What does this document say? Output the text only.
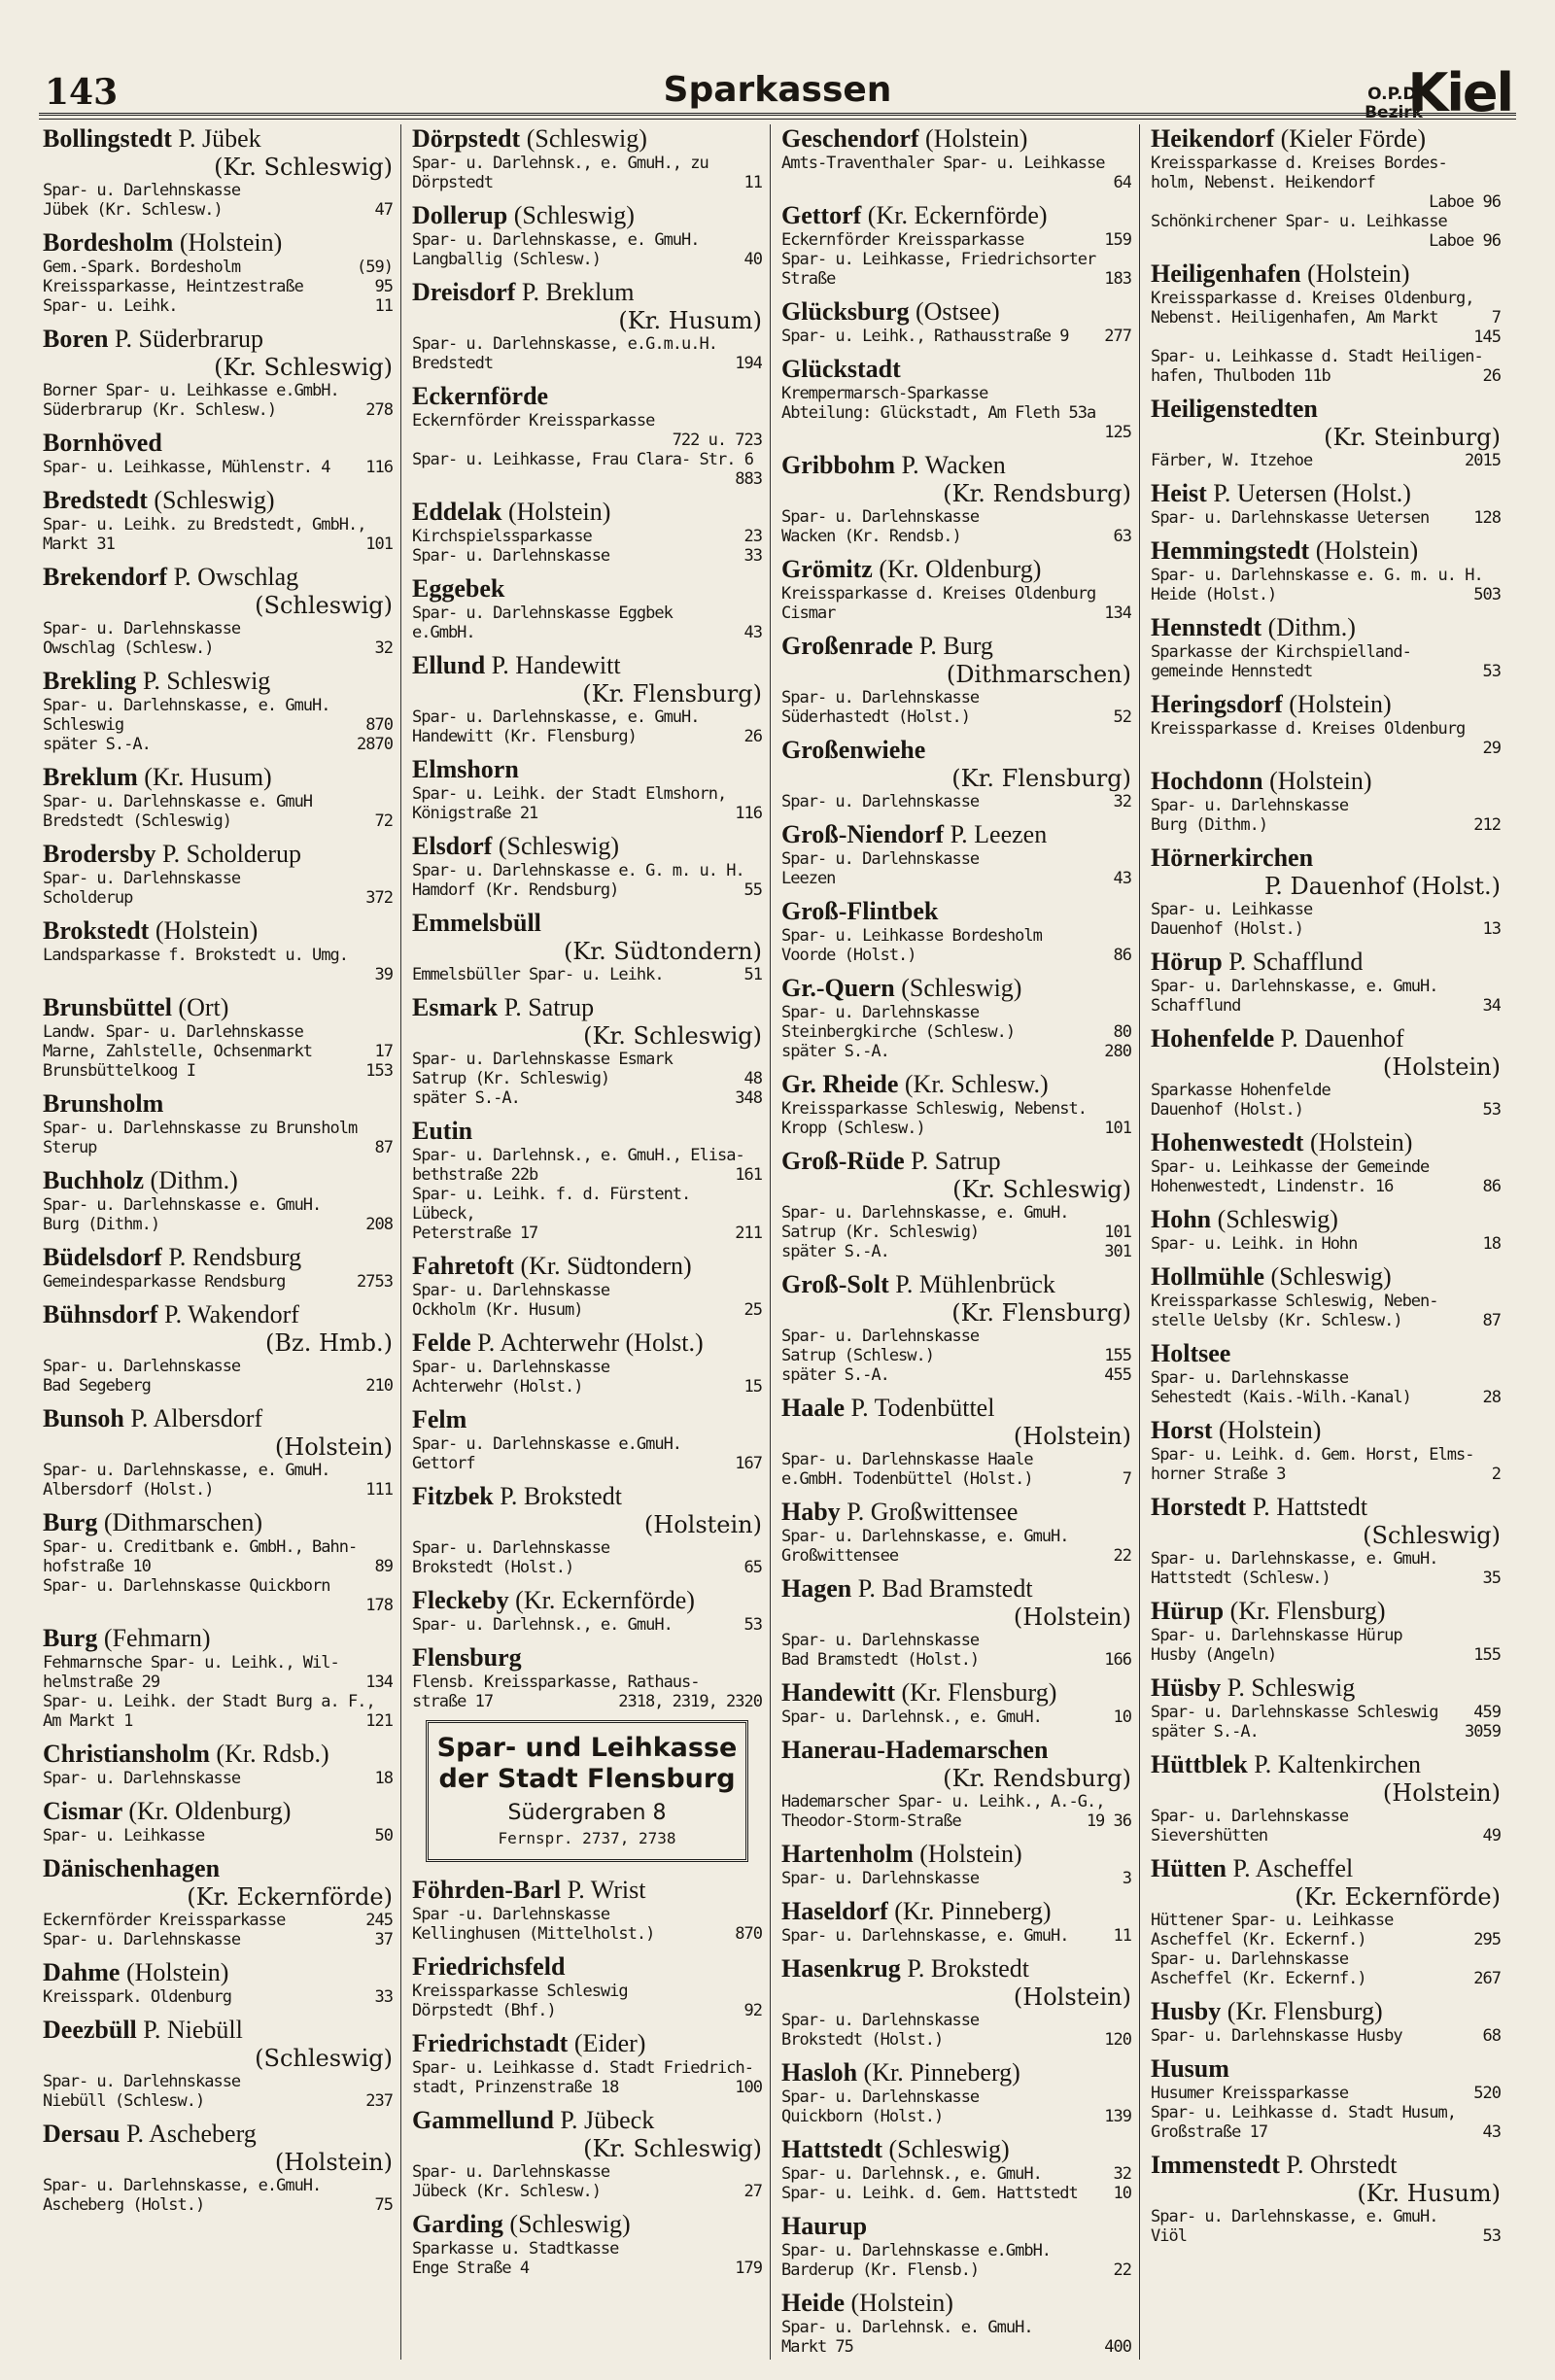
143	Sparkassen	O.P.D.
Bezirk
Kiel
Bollingstedt P. Jübek
(Kr. Schleswig)
Spar- u. Darlehnskasse
Jübek (Kr. Schlesw.)	47
Bordesholm (Holstein)
Gem.-Spark. Bordesholm	(59)
Kreissparkasse, Heintzestraße	95
Spar- u. Leihk.	11
Boren P. Süderbrarup
(Kr. Schleswig)
Borner Spar- u. Leihkasse e.GmbH.
Süderbrarup (Kr. Schlesw.)	278
Bornhöved
Spar- u. Leihkasse, Mühlenstr. 4 116
Bredstedt (Schleswig)
Spar- u. Leihk. zu Bredstedt, GmbH.,
Markt 31	101
Brekendorf P. Owschlag
(Schleswig)
Spar- u. Darlehnskasse
Owschlag (Schlesw.)	32
Brekling P. Schleswig
Spar- u. Darlehnskasse, e. GmuH.
Schleswig	870
später S.-A.	2870
Breklum (Kr. Husum)
Spar- u. Darlehnskasse e. GmuH
Bredstedt (Schleswig)	72
Brodersby P. Scholderup
Spar- u. Darlehnskasse
Scholderup	372
Brokstedt (Holstein)
Landsparkasse f. Brokstedt u. Umg.
39
Brunsbüttel (Ort)
Landw. Spar- u. Darlehnskasse
Marne, Zahlstelle, Ochsenmarkt	17
Brunsbüttelkoog I	153
Brunsholm
Spar- u. Darlehnskasse zu Brunsholm
Sterup	87
Buchholz (Dithm.)
Spar- u. Darlehnskasse e. GmuH.
Burg (Dithm.)	208
Büdelsdorf P. Rendsburg
Gemeindesparkasse Rendsburg	2753
Bühnsdorf P. Wakendorf
(Bz. Hmb.)
Spar- u. Darlehnskasse
Bad Segeberg	210
Bunsoh P. Albersdorf
(Holstein)
Spar- u. Darlehnskasse, e. GmuH.
Albersdorf (Holst.)	111
Burg (Dithmarschen)
Spar- u. Creditbank e. GmbH., Bahn-
hofstraße 10	89
Spar- u. Darlehnskasse Quickborn
178
Burg (Fehmarn)
Fehmarnsche Spar- u. Leihk., Wil-
helmstraße 29	134
Spar- u. Leihk. der Stadt Burg a. F.,
Am Markt 1	121
Christiansholm (Kr. Rdsb.)
Spar- u. Darlehnskasse	18
Cismar (Kr. Oldenburg)
Spar- u. Leihkasse	50
Dänischenhagen
(Kr. Eckernförde)
Eckernförder Kreissparkasse	245
Spar- u. Darlehnskasse	37
Dahme (Holstein)
Kreisspark. Oldenburg	33
Deezbüll P. Niebüll
(Schleswig)
Spar- u. Darlehnskasse
Niebüll (Schlesw.)	237
Dersau P. Ascheberg
(Holstein)
Spar- u. Darlehnskasse, e.GmuH.
Ascheberg (Holst.)	75
Dörpstedt (Schleswig)
Spar- u. Darlehnsk., e. GmuH., zu
Dörpstedt	11
Dollerup (Schleswig)
Spar- u. Darlehnskasse, e. GmuH.
Langballig (Schlesw.)	40
Dreisdorf P. Breklum
(Kr. Husum)
Spar- u. Darlehnskasse, e.G.m.u.H.
Bredstedt	194
Eckernförde
Eckernförder Kreissparkasse
722 u. 723
Spar- u. Leihkasse, Frau Clara- Str. 6
883
Eddelak (Holstein)
Kirchspielssparkasse	23
Spar- u. Darlehnskasse	33
Eggebek
Spar- u. Darlehnskasse Eggbek
e.GmbH.	43
Ellund P. Handewitt
(Kr. Flensburg)
Spar- u. Darlehnskasse, e. GmuH.
Handewitt (Kr. Flensburg)	26
Elmshorn
Spar- u. Leihk. der Stadt Elmshorn,
Königstraße 21	116
Elsdorf (Schleswig)
Spar- u. Darlehnskasse e. G. m. u. H.
Hamdorf (Kr. Rendsburg)	55
Emmelsbüll
(Kr. Südtondern)
Emmelsbüller Spar- u. Leihk.	51
Esmark P. Satrup
(Kr. Schleswig)
Spar- u. Darlehnskasse Esmark
Satrup (Kr. Schleswig)	48
später S.-A.	348
Eutin
Spar- u. Darlehnsk., e. GmuH., Elisa-
bethstraße 22b	161
Spar- u. Leihk. f. d. Fürstent. Lübeck,
Peterstraße 17	211
Fahretoft (Kr. Südtondern)
Spar- u. Darlehnskasse
Ockholm (Kr. Husum)	25
Felde P. Achterwehr (Holst.)
Spar- u. Darlehnskasse
Achterwehr (Holst.)	15
Felm
Spar- u. Darlehnskasse e.GmuH.
Gettorf	167
Fitzbek P. Brokstedt
(Holstein)
Spar- u. Darlehnskasse
Brokstedt (Holst.)	65
Fleckeby (Kr. Eckernförde)
Spar- u. Darlehnsk., e. GmuH.	53
Flensburg
Flensb. Kreissparkasse, Rathaus-
straße 17	2318, 2319, 2320
Spar- und Leihkasse
der Stadt Flensburg
Südergraben 8
Fernspr. 2737, 2738
Föhrden-Barl P. Wrist
Spar -u. Darlehnskasse
Kellinghusen (Mittelholst.)	870
Friedrichsfeld
Kreissparkasse Schleswig
Dörpstedt (Bhf.)	92
Friedrichstadt (Eider)
Spar- u. Leihkasse d. Stadt Friedrich-
stadt, Prinzenstraße 18	100
Gammellund P. Jübeck
(Kr. Schleswig)
Spar- u. Darlehnskasse
Jübeck (Kr. Schlesw.)	27
Garding (Schleswig)
Sparkasse u. Stadtkasse
Enge Straße 4	179
Geschendorf (Holstein)
Amts-Traventhaler Spar- u. Leihkasse
64
Gettorf (Kr. Eckernförde)
Eckernförder Kreissparkasse	159
Spar- u. Leihkasse, Friedrichsorter
Straße	183
Glücksburg (Ostsee)
Spar- u. Leihk., Rathausstraße 9 277
Glückstadt
Krempermarsch-Sparkasse
Abteilung: Glückstadt, Am Fleth 53a
125
Gribbohm P. Wacken
(Kr. Rendsburg)
Spar- u. Darlehnskasse
Wacken (Kr. Rendsb.)	63
Grömitz (Kr. Oldenburg)
Kreissparkasse d. Kreises Oldenburg
Cismar	134
Großenrade P. Burg
(Dithmarschen)
Spar- u. Darlehnskasse
Süderhastedt (Holst.)	52
Großenwiehe
(Kr. Flensburg)
Spar- u. Darlehnskasse	32
Groß-Niendorf P. Leezen
Spar- u. Darlehnskasse
Leezen	43
Groß-Flintbek
Spar- u. Leihkasse Bordesholm
Voorde (Holst.)	86
Gr.-Quern (Schleswig)
Spar- u. Darlehnskasse
Steinbergkirche (Schlesw.)	80
später S.-A.	280
Gr. Rheide (Kr. Schlesw.)
Kreissparkasse Schleswig, Nebenst.
Kropp (Schlesw.)	101
Groß-Rüde P. Satrup
(Kr. Schleswig)
Spar- u. Darlehnskasse, e. GmuH.
Satrup (Kr. Schleswig)	101
später S.-A.	301
Groß-Solt P. Mühlenbrück
(Kr. Flensburg)
Spar- u. Darlehnskasse
Satrup (Schlesw.)	155
später S.-A.	455
Haale P. Todenbüttel
(Holstein)
Spar- u. Darlehnskasse Haale
e.GmbH. Todenbüttel (Holst.)	7
Haby P. Großwittensee
Spar- u. Darlehnskasse, e. GmuH.
Großwittensee	22
Hagen P. Bad Bramstedt
(Holstein)
Spar- u. Darlehnskasse
Bad Bramstedt (Holst.)	166
Handewitt (Kr. Flensburg)
Spar- u. Darlehnsk., e. GmuH.	10
Hanerau-Hademarschen
(Kr. Rendsburg)
Hademarscher Spar- u. Leihk., A.-G.,
Theodor-Storm-Straße	19 36
Hartenholm (Holstein)
Spar- u. Darlehnskasse	3
Haseldorf (Kr. Pinneberg)
Spar- u. Darlehnskasse, e. GmuH.	11
Hasenkrug P. Brokstedt
(Holstein)
Spar- u. Darlehnskasse
Brokstedt (Holst.)	120
Hasloh (Kr. Pinneberg)
Spar- u. Darlehnskasse
Quickborn (Holst.)	139
Hattstedt (Schleswig)
Spar- u. Darlehnsk., e. GmuH.	32
Spar- u. Leihk. d. Gem. Hattstedt 10
Haurup
Spar- u. Darlehnskasse e.GmbH.
Barderup (Kr. Flensb.)	22
Heide (Holstein)
Spar- u. Darlehnsk. e. GmuH.
Markt 75	400
Heikendorf (Kieler Förde)
Kreissparkasse d. Kreises Bordes-
holm, Nebenst. Heikendorf
Laboe 96
Schönkirchener Spar- u. Leihkasse
Laboe 96
Heiligenhafen (Holstein)
Kreissparkasse d. Kreises Oldenburg,
Nebenst. Heiligenhafen, Am Markt	7
145
Spar- u. Leihkasse d. Stadt Heiligen-
hafen, Thulboden 11b	26
Heiligenstedten
(Kr. Steinburg)
Färber, W. Itzehoe	2015
Heist P. Uetersen (Holst.)
Spar- u. Darlehnskasse Uetersen	128
Hemmingstedt (Holstein)
Spar- u. Darlehnskasse e. G. m. u. H.
Heide (Holst.)	503
Hennstedt (Dithm.)
Sparkasse der Kirchspielland-
gemeinde Hennstedt	53
Heringsdorf (Holstein)
Kreissparkasse d. Kreises Oldenburg
29
Hochdonn (Holstein)
Spar- u. Darlehnskasse
Burg (Dithm.)	212
Hörnerkirchen
P. Dauenhof (Holst.)
Spar- u. Leihkasse
Dauenhof (Holst.)	13
Hörup P. Schafflund
Spar- u. Darlehnskasse, e. GmuH.
Schafflund	34
Hohenfelde P. Dauenhof
(Holstein)
Sparkasse Hohenfelde
Dauenhof (Holst.)	53
Hohenwestedt (Holstein)
Spar- u. Leihkasse der Gemeinde
Hohenwestedt, Lindenstr. 16	86
Hohn (Schleswig)
Spar- u. Leihk. in Hohn	18
Hollmühle (Schleswig)
Kreissparkasse Schleswig, Neben-
stelle Uelsby (Kr. Schlesw.)	87
Holtsee
Spar- u. Darlehnskasse
Sehestedt (Kais.-Wilh.-Kanal)	28
Horst (Holstein)
Spar- u. Leihk. d. Gem. Horst, Elms-
horner Straße 3	2
Horstedt P. Hattstedt
(Schleswig)
Spar- u. Darlehnskasse, e. GmuH.
Hattstedt (Schlesw.)	35
Hürup (Kr. Flensburg)
Spar- u. Darlehnskasse Hürup
Husby (Angeln)	155
Hüsby P. Schleswig
Spar- u. Darlehnskasse Schleswig 459
später S.-A.	3059
Hüttblek P. Kaltenkirchen
(Holstein)
Spar- u. Darlehnskasse
Sievershütten	49
Hütten P. Ascheffel
(Kr. Eckernförde)
Hüttener Spar- u. Leihkasse
Ascheffel (Kr. Eckernf.)	295
Spar- u. Darlehnskasse
Ascheffel (Kr. Eckernf.)	267
Husby (Kr. Flensburg)
Spar- u. Darlehnskasse Husby	68
Husum
Husumer Kreissparkasse	520
Spar- u. Leihkasse d. Stadt Husum,
Großstraße 17	43
Immenstedt P. Ohrstedt
(Kr. Husum)
Spar- u. Darlehnskasse, e. GmuH.
Viöl	53
